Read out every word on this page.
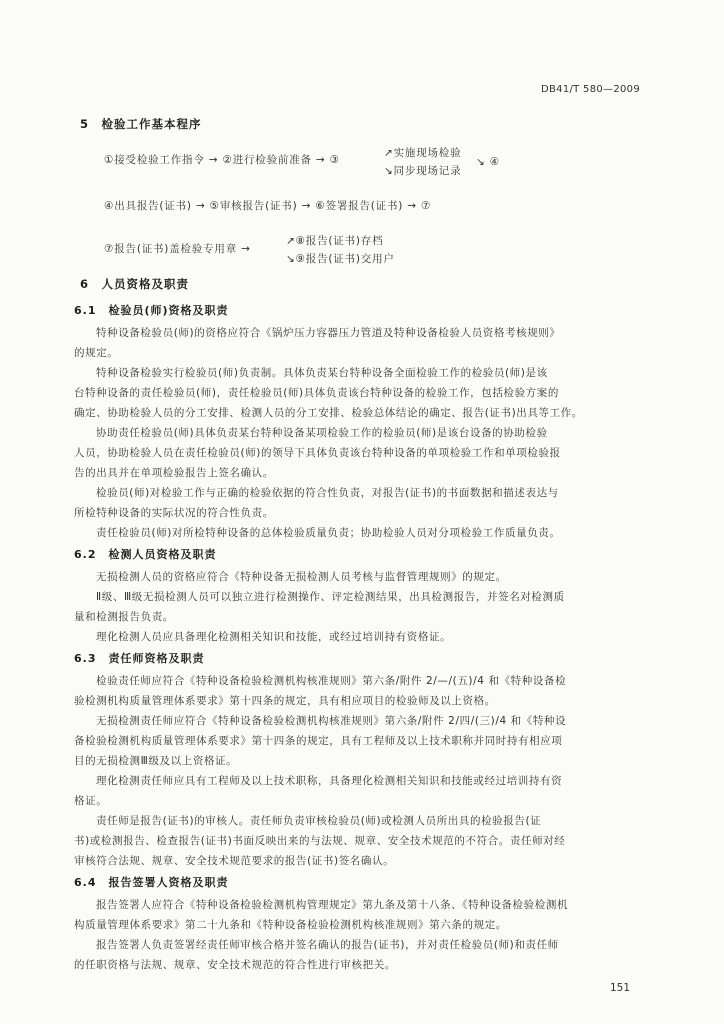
DB41/T 580—2009
5　检验工作基本程序
①接受检验工作指令 → ②进行检验前准备 → ③
↗实施现场检验
↘同步现场记录
↘ ④
④出具报告(证书) → ⑤审核报告(证书) → ⑥签署报告(证书) → ⑦
⑦报告(证书)盖检验专用章 →
↗⑧报告(证书)存档
↘⑨报告(证书)交用户
6　人员资格及职责
6.1　检验员(师)资格及职责
特种设备检验员(师)的资格应符合《锅炉压力容器压力管道及特种设备检验人员资格考核规则》
的规定。
特种设备检验实行检验员(师)负责制。具体负责某台特种设备全面检验工作的检验员(师)是该
台特种设备的责任检验员(师)，责任检验员(师)具体负责该台特种设备的检验工作，包括检验方案的
确定、协助检验人员的分工安排、检测人员的分工安排、检验总体结论的确定、报告(证书)出具等工作。
协助责任检验员(师)具体负责某台特种设备某项检验工作的检验员(师)是该台设备的协助检验
人员，协助检验人员在责任检验员(师)的领导下具体负责该台特种设备的单项检验工作和单项检验报
告的出具并在单项检验报告上签名确认。
检验员(师)对检验工作与正确的检验依据的符合性负责，对报告(证书)的书面数据和描述表达与
所检特种设备的实际状况的符合性负责。
责任检验员(师)对所检特种设备的总体检验质量负责；协助检验人员对分项检验工作质量负责。
6.2　检测人员资格及职责
无损检测人员的资格应符合《特种设备无损检测人员考核与监督管理规则》的规定。
Ⅱ级、Ⅲ级无损检测人员可以独立进行检测操作、评定检测结果，出具检测报告，并签名对检测质
量和检测报告负责。
理化检测人员应具备理化检测相关知识和技能，或经过培训持有资格证。
6.3　责任师资格及职责
检验责任师应符合《特种设备检验检测机构核准规则》第六条/附件 2/—/(五)/4 和《特种设备检
验检测机构质量管理体系要求》第十四条的规定，具有相应项目的检验师及以上资格。
无损检测责任师应符合《特种设备检验检测机构核准规则》第六条/附件 2/四/(三)/4 和《特种设
备检验检测机构质量管理体系要求》第十四条的规定，具有工程师及以上技术职称并同时持有相应项
目的无损检测Ⅲ级及以上资格证。
理化检测责任师应具有工程师及以上技术职称，具备理化检测相关知识和技能或经过培训持有资
格证。
责任师是报告(证书)的审核人。责任师负责审核检验员(师)或检测人员所出具的检验报告(证
书)或检测报告、检查报告(证书)书面反映出来的与法规、规章、安全技术规范的不符合。责任师对经
审核符合法规、规章、安全技术规范要求的报告(证书)签名确认。
6.4　报告签署人资格及职责
报告签署人应符合《特种设备检验检测机构管理规定》第九条及第十八条、《特种设备检验检测机
构质量管理体系要求》第二十九条和《特种设备检验检测机构核准规则》第六条的规定。
报告签署人负责签署经责任师审核合格并签名确认的报告(证书)，并对责任检验员(师)和责任师
的任职资格与法规、规章、安全技术规范的符合性进行审核把关。
151
